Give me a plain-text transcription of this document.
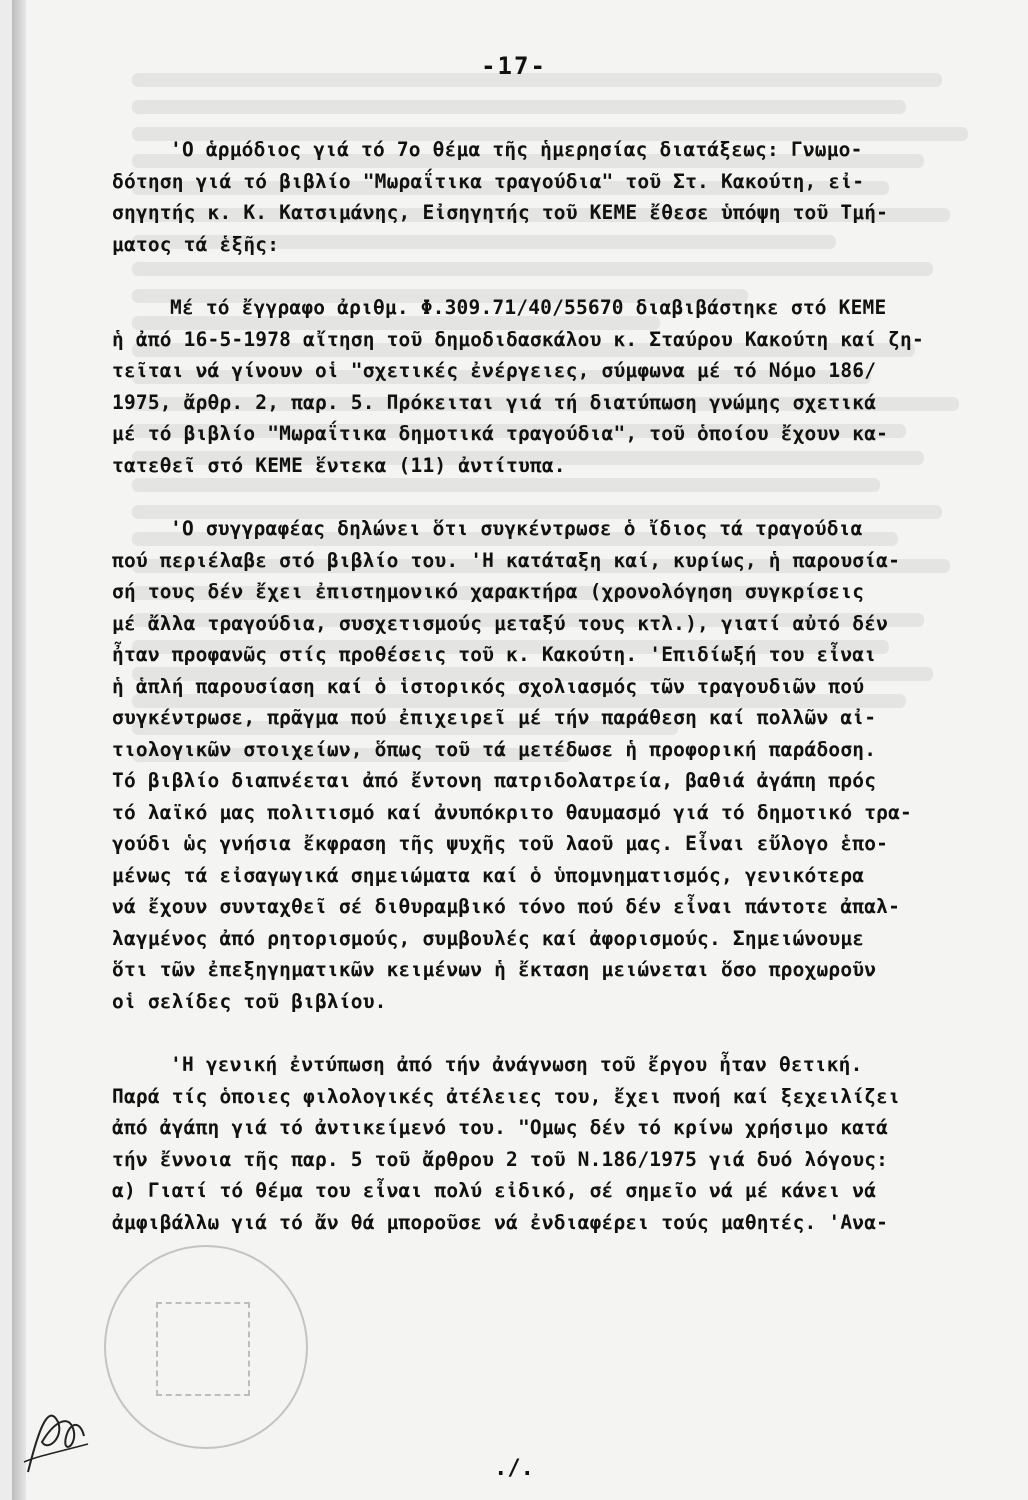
-17-
'Ο ἁρμόδιος γιά τό 7ο θέμα τῆς ἡμερησίας διατάξεως: Γνωμο-
δότηση γιά τό βιβλίο "Μωραΐτικα τραγούδια" τοῦ Στ. Κακούτη, εἰ-
σηγητής κ. Κ. Κατσιμάνης, Εἰσηγητής τοῦ ΚΕΜΕ ἔθεσε ὑπόψη τοῦ Τμή-
ματος τά ἑξῆς:
Μέ τό ἔγγραφο ἀριθμ. Φ.309.71/40/55670 διαβιβάστηκε στό ΚΕΜΕ
ἡ ἀπό 16-5-1978 αἴτηση τοῦ δημοδιδασκάλου κ. Σταύρου Κακούτη καί ζη-
τεῖται νά γίνουν οἱ "σχετικές ἐνέργειες, σύμφωνα μέ τό Νόμο 186/
1975, ἄρθρ. 2, παρ. 5. Πρόκειται γιά τή διατύπωση γνώμης σχετικά
μέ τό βιβλίο "Μωραΐτικα δημοτικά τραγούδια", τοῦ ὁποίου ἔχουν κα-
τατεθεῖ στό ΚΕΜΕ ἕντεκα (11) ἀντίτυπα.
'Ο συγγραφέας δηλώνει ὅτι συγκέντρωσε ὁ ἴδιος τά τραγούδια
πού περιέλαβε στό βιβλίο του. 'Η κατάταξη καί, κυρίως, ἡ παρουσία-
σή τους δέν ἔχει ἐπιστημονικό χαρακτήρα (χρονολόγηση συγκρίσεις
μέ ἄλλα τραγούδια, συσχετισμούς μεταξύ τους κτλ.), γιατί αὐτό δέν
ἦταν προφανῶς στίς προθέσεις τοῦ κ. Κακούτη. 'Επιδίωξή του εἶναι
ἡ ἁπλή παρουσίαση καί ὁ ἱστορικός σχολιασμός τῶν τραγουδιῶν πού
συγκέντρωσε, πρᾶγμα πού ἐπιχειρεῖ μέ τήν παράθεση καί πολλῶν αἰ-
τιολογικῶν στοιχείων, ὅπως τοῦ τά μετέδωσε ἡ προφορική παράδοση.
Τό βιβλίο διαπνέεται ἀπό ἔντονη πατριδολατρεία, βαθιά ἀγάπη πρός
τό λαϊκό μας πολιτισμό καί ἀνυπόκριτο θαυμασμό γιά τό δημοτικό τρα-
γούδι ὡς γνήσια ἔκφραση τῆς ψυχῆς τοῦ λαοῦ μας. Εἶναι εὔλογο ἑπο-
μένως τά εἰσαγωγικά σημειώματα καί ὁ ὑπομνηματισμός, γενικότερα
νά ἔχουν συνταχθεῖ σέ διθυραμβικό τόνο πού δέν εἶναι πάντοτε ἀπαλ-
λαγμένος ἀπό ρητορισμούς, συμβουλές καί ἀφορισμούς. Σημειώνουμε
ὅτι τῶν ἐπεξηγηματικῶν κειμένων ἡ ἔκταση μειώνεται ὅσο προχωροῦν
οἱ σελίδες τοῦ βιβλίου.
'Η γενική ἐντύπωση ἀπό τήν ἀνάγνωση τοῦ ἔργου ἦταν θετική.
Παρά τίς ὁποιες φιλολογικές ἀτέλειες του, ἔχει πνοή καί ξεχειλίζει
ἀπό ἀγάπη γιά τό ἀντικείμενό του. "Ομως δέν τό κρίνω χρήσιμο κατά
τήν ἔννοια τῆς παρ. 5 τοῦ ἄρθρου 2 τοῦ Ν.186/1975 γιά δυό λόγους:
α) Γιατί τό θέμα του εἶναι πολύ εἰδικό, σέ σημεῖο νά μέ κάνει νά
ἀμφιβάλλω γιά τό ἄν θά μποροῦσε νά ἐνδιαφέρει τούς μαθητές. 'Ανα-
./.
